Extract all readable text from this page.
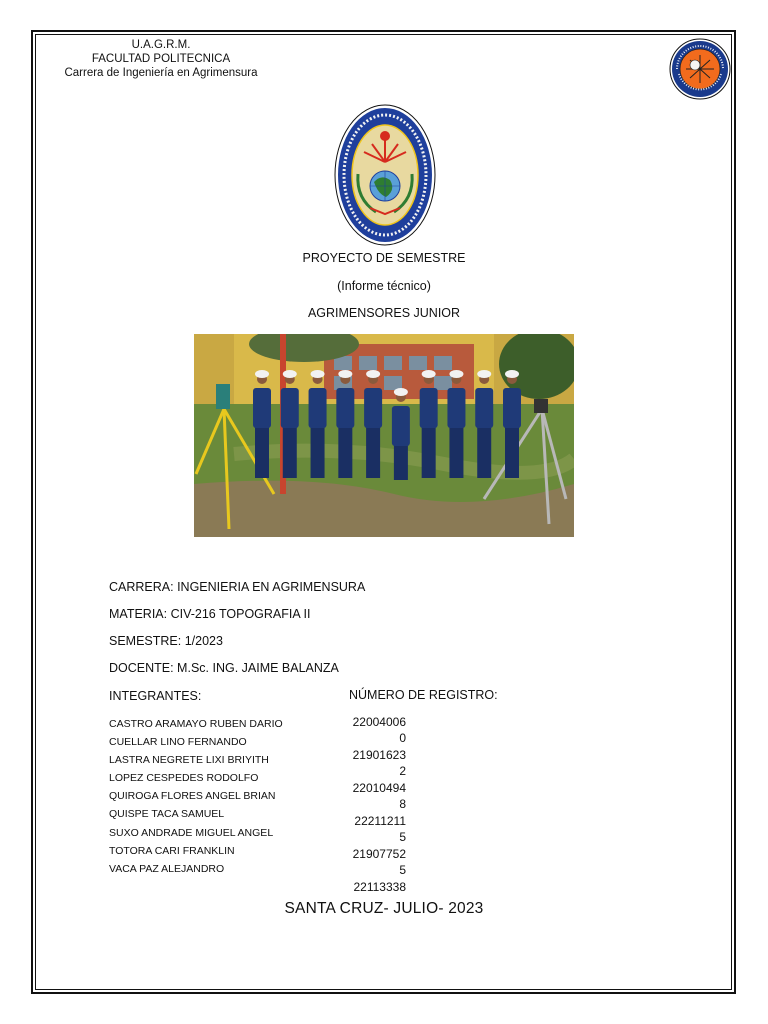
U.A.G.R.M.
FACULTAD POLITECNICA
Carrera de Ingeniería en Agrimensura
PROYECTO DE SEMESTRE
(Informe técnico)
AGRIMENSORES JUNIOR
CARRERA: INGENIERIA EN AGRIMENSURA
MATERIA: CIV-216 TOPOGRAFIA II
SEMESTRE: 1/2023
DOCENTE: M.Sc. ING. JAIME BALANZA
INTEGRANTES:	NÚMERO DE REGISTRO:
CASTRO ARAMAYO RUBEN DARIO
CUELLAR LINO FERNANDO
LASTRA NEGRETE LIXI BRIYITH
LOPEZ CESPEDES RODOLFO
QUIROGA FLORES ANGEL BRIAN
QUISPE TACA SAMUEL
SUXO ANDRADE MIGUEL ANGEL
TOTORA CARI FRANKLIN
VACA PAZ ALEJANDRO
22004006
0
21901623
2
22010494
8
22211211
5
21907752
5
22113338
SANTA CRUZ- JULIO- 2023
